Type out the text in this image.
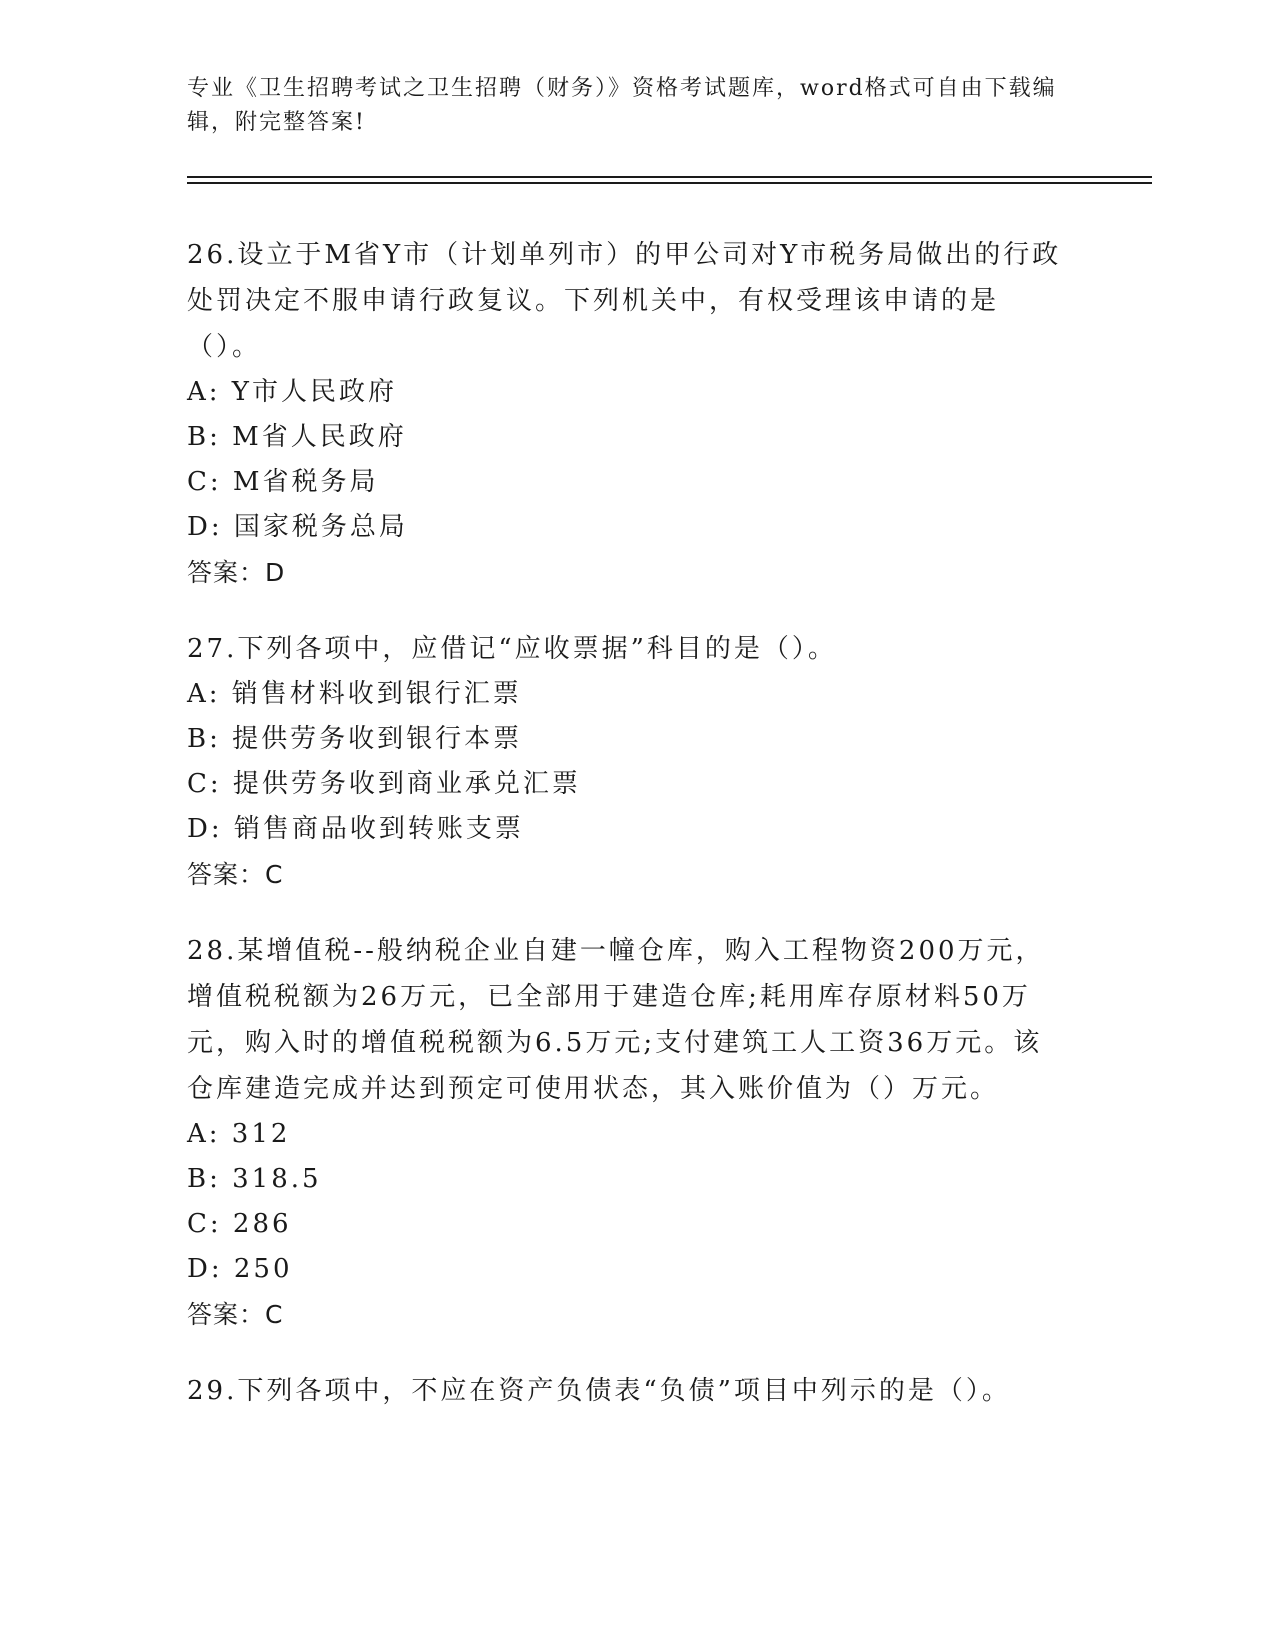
专业《卫生招聘考试之卫生招聘（财务）》资格考试题库，word格式可自由下载编辑，附完整答案!
26.设立于M省Y市（计划单列市）的甲公司对Y市税务局做出的行政处罚决定不服申请行政复议。下列机关中，有权受理该申请的是（）。
A: Y市人民政府
B: M省人民政府
C: M省税务局
D: 国家税务总局
答案：D
27.下列各项中，应借记“应收票据”科目的是（）。
A: 销售材料收到银行汇票
B: 提供劳务收到银行本票
C: 提供劳务收到商业承兑汇票
D: 销售商品收到转账支票
答案：C
28.某增值税--般纳税企业自建一幢仓库，购入工程物资200万元，增值税税额为26万元，已全部用于建造仓库;耗用库存原材料50万元，购入时的增值税税额为6.5万元;支付建筑工人工资36万元。该仓库建造完成并达到预定可使用状态，其入账价值为（）万元。
A: 312
B: 318.5
C: 286
D: 250
答案：C
29.下列各项中，不应在资产负债表“负债”项目中列示的是（）。
